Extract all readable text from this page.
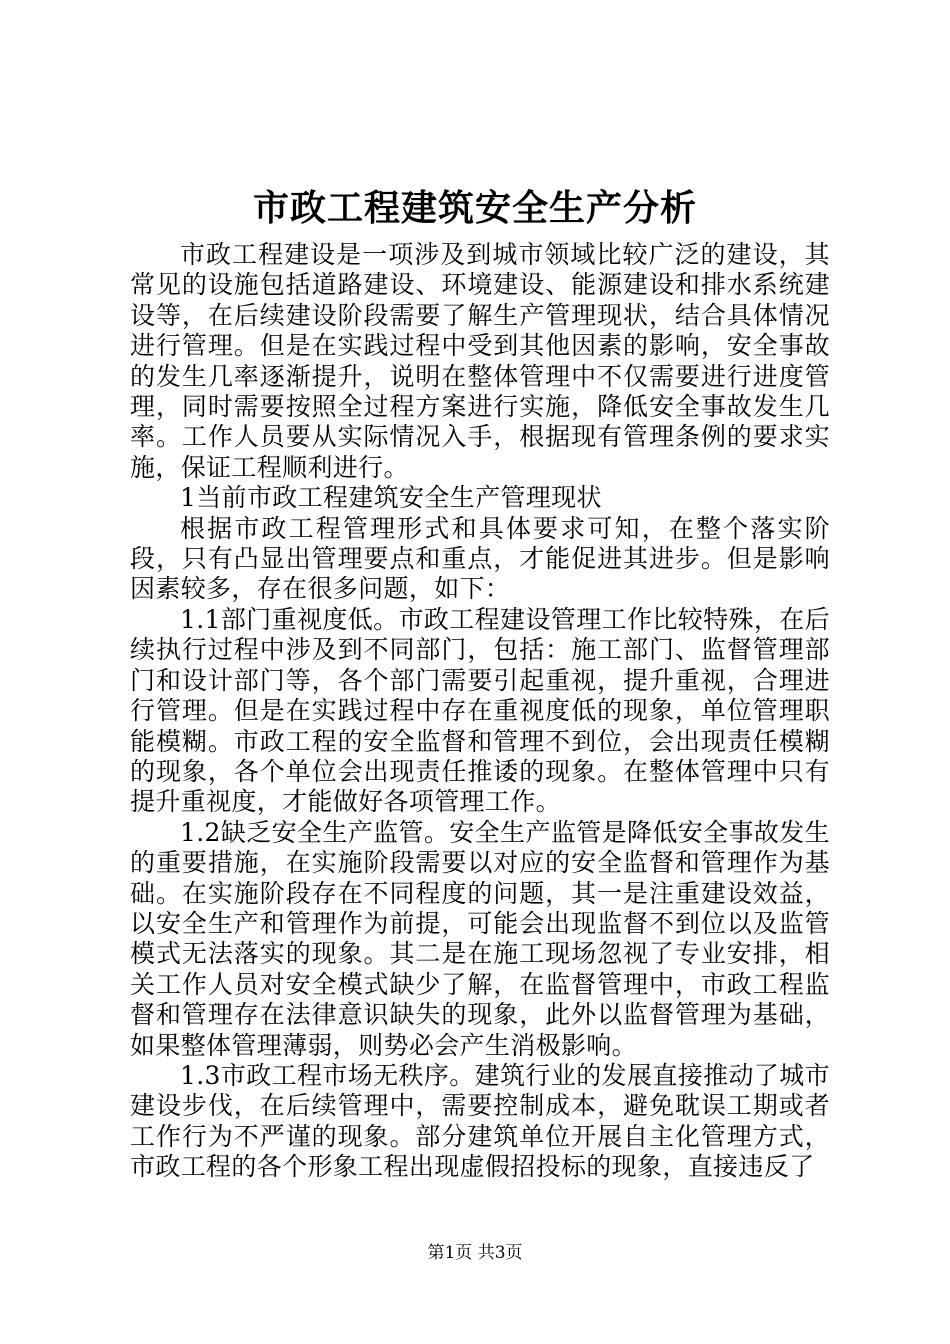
市政工程建筑安全生产分析

市政工程建设是一项涉及到城市领域比较广泛的建设，其常见的设施包括道路建设、环境建设、能源建设和排水系统建设等，在后续建设阶段需要了解生产管理现状，结合具体情况进行管理。但是在实践过程中受到其他因素的影响，安全事故的发生几率逐渐提升，说明在整体管理中不仅需要进行进度管理，同时需要按照全过程方案进行实施，降低安全事故发生几率。工作人员要从实际情况入手，根据现有管理条例的要求实施，保证工程顺利进行。

1当前市政工程建筑安全生产管理现状

根据市政工程管理形式和具体要求可知，在整个落实阶段，只有凸显出管理要点和重点，才能促进其进步。但是影响因素较多，存在很多问题，如下：

1.1部门重视度低。市政工程建设管理工作比较特殊，在后续执行过程中涉及到不同部门，包括：施工部门、监督管理部门和设计部门等，各个部门需要引起重视，提升重视，合理进行管理。但是在实践过程中存在重视度低的现象，单位管理职能模糊。市政工程的安全监督和管理不到位，会出现责任模糊的现象，各个单位会出现责任推诿的现象。在整体管理中只有提升重视度，才能做好各项管理工作。

1.2缺乏安全生产监管。安全生产监管是降低安全事故发生的重要措施，在实施阶段需要以对应的安全监督和管理作为基础。在实施阶段存在不同程度的问题，其一是注重建设效益，以安全生产和管理作为前提，可能会出现监督不到位以及监管模式无法落实的现象。其二是在施工现场忽视了专业安排，相关工作人员对安全模式缺少了解，在监督管理中，市政工程监督和管理存在法律意识缺失的现象，此外以监督管理为基础，如果整体管理薄弱，则势必会产生消极影响。

1.3市政工程市场无秩序。建筑行业的发展直接推动了城市建设步伐，在后续管理中，需要控制成本，避免耽误工期或者工作行为不严谨的现象。部分建筑单位开展自主化管理方式，市政工程的各个形象工程出现虚假招投标的现象，直接违反了

第1页 共3页
